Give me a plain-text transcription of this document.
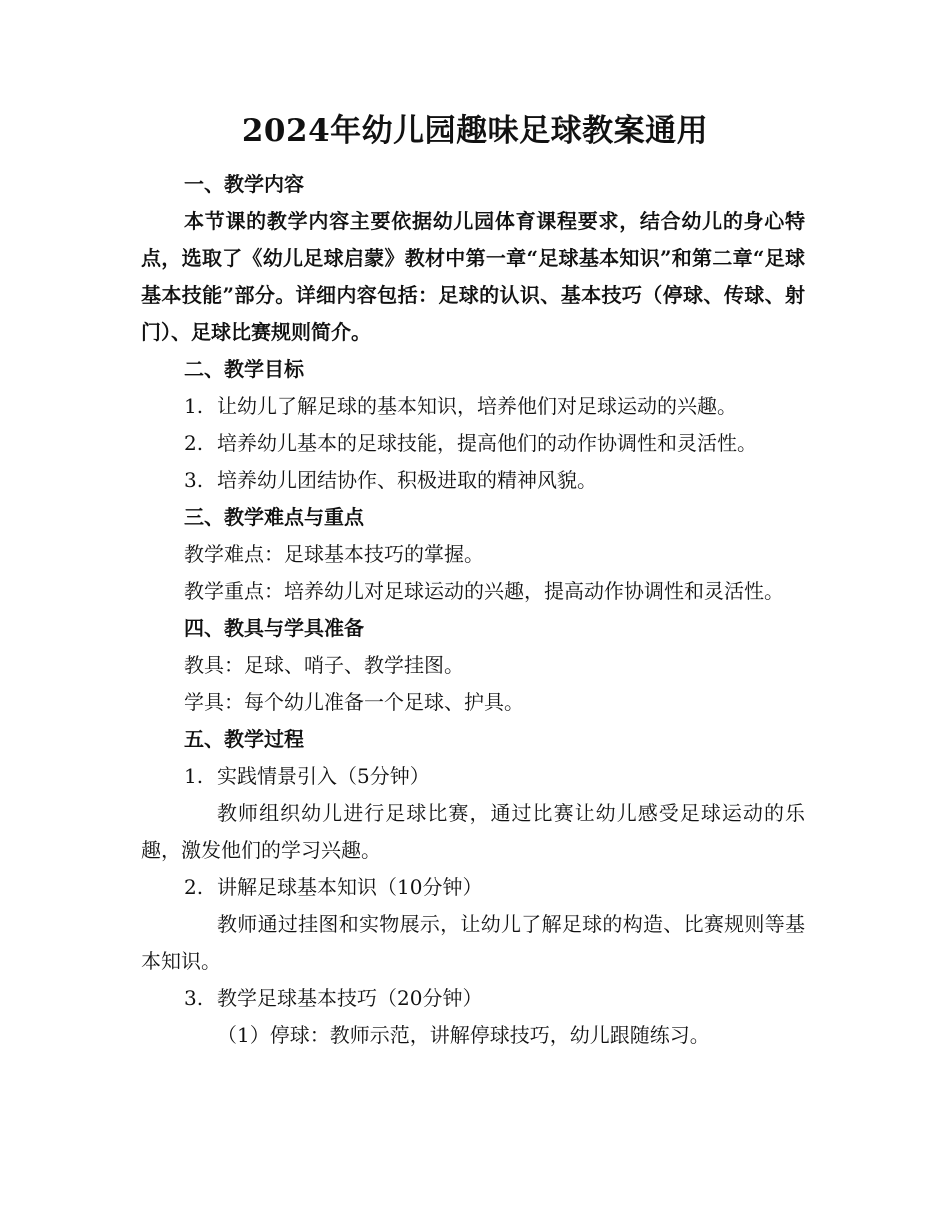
2024年幼儿园趣味足球教案通用

一、教学内容

本节课的教学内容主要依据幼儿园体育课程要求，结合幼儿的身心特点，选取了《幼儿足球启蒙》教材中第一章“足球基本知识”和第二章“足球基本技能”部分。详细内容包括：足球的认识、基本技巧（停球、传球、射门）、足球比赛规则简介。

二、教学目标

1. 让幼儿了解足球的基本知识，培养他们对足球运动的兴趣。

2. 培养幼儿基本的足球技能，提高他们的动作协调性和灵活性。

3. 培养幼儿团结协作、积极进取的精神风貌。

三、教学难点与重点

教学难点：足球基本技巧的掌握。

教学重点：培养幼儿对足球运动的兴趣，提高动作协调性和灵活性。

四、教具与学具准备

教具：足球、哨子、教学挂图。

学具：每个幼儿准备一个足球、护具。

五、教学过程

1. 实践情景引入（5分钟）

教师组织幼儿进行足球比赛，通过比赛让幼儿感受足球运动的乐趣，激发他们的学习兴趣。

2. 讲解足球基本知识（10分钟）

教师通过挂图和实物展示，让幼儿了解足球的构造、比赛规则等基本知识。

3. 教学足球基本技巧（20分钟）

（1）停球：教师示范，讲解停球技巧，幼儿跟随练习。
